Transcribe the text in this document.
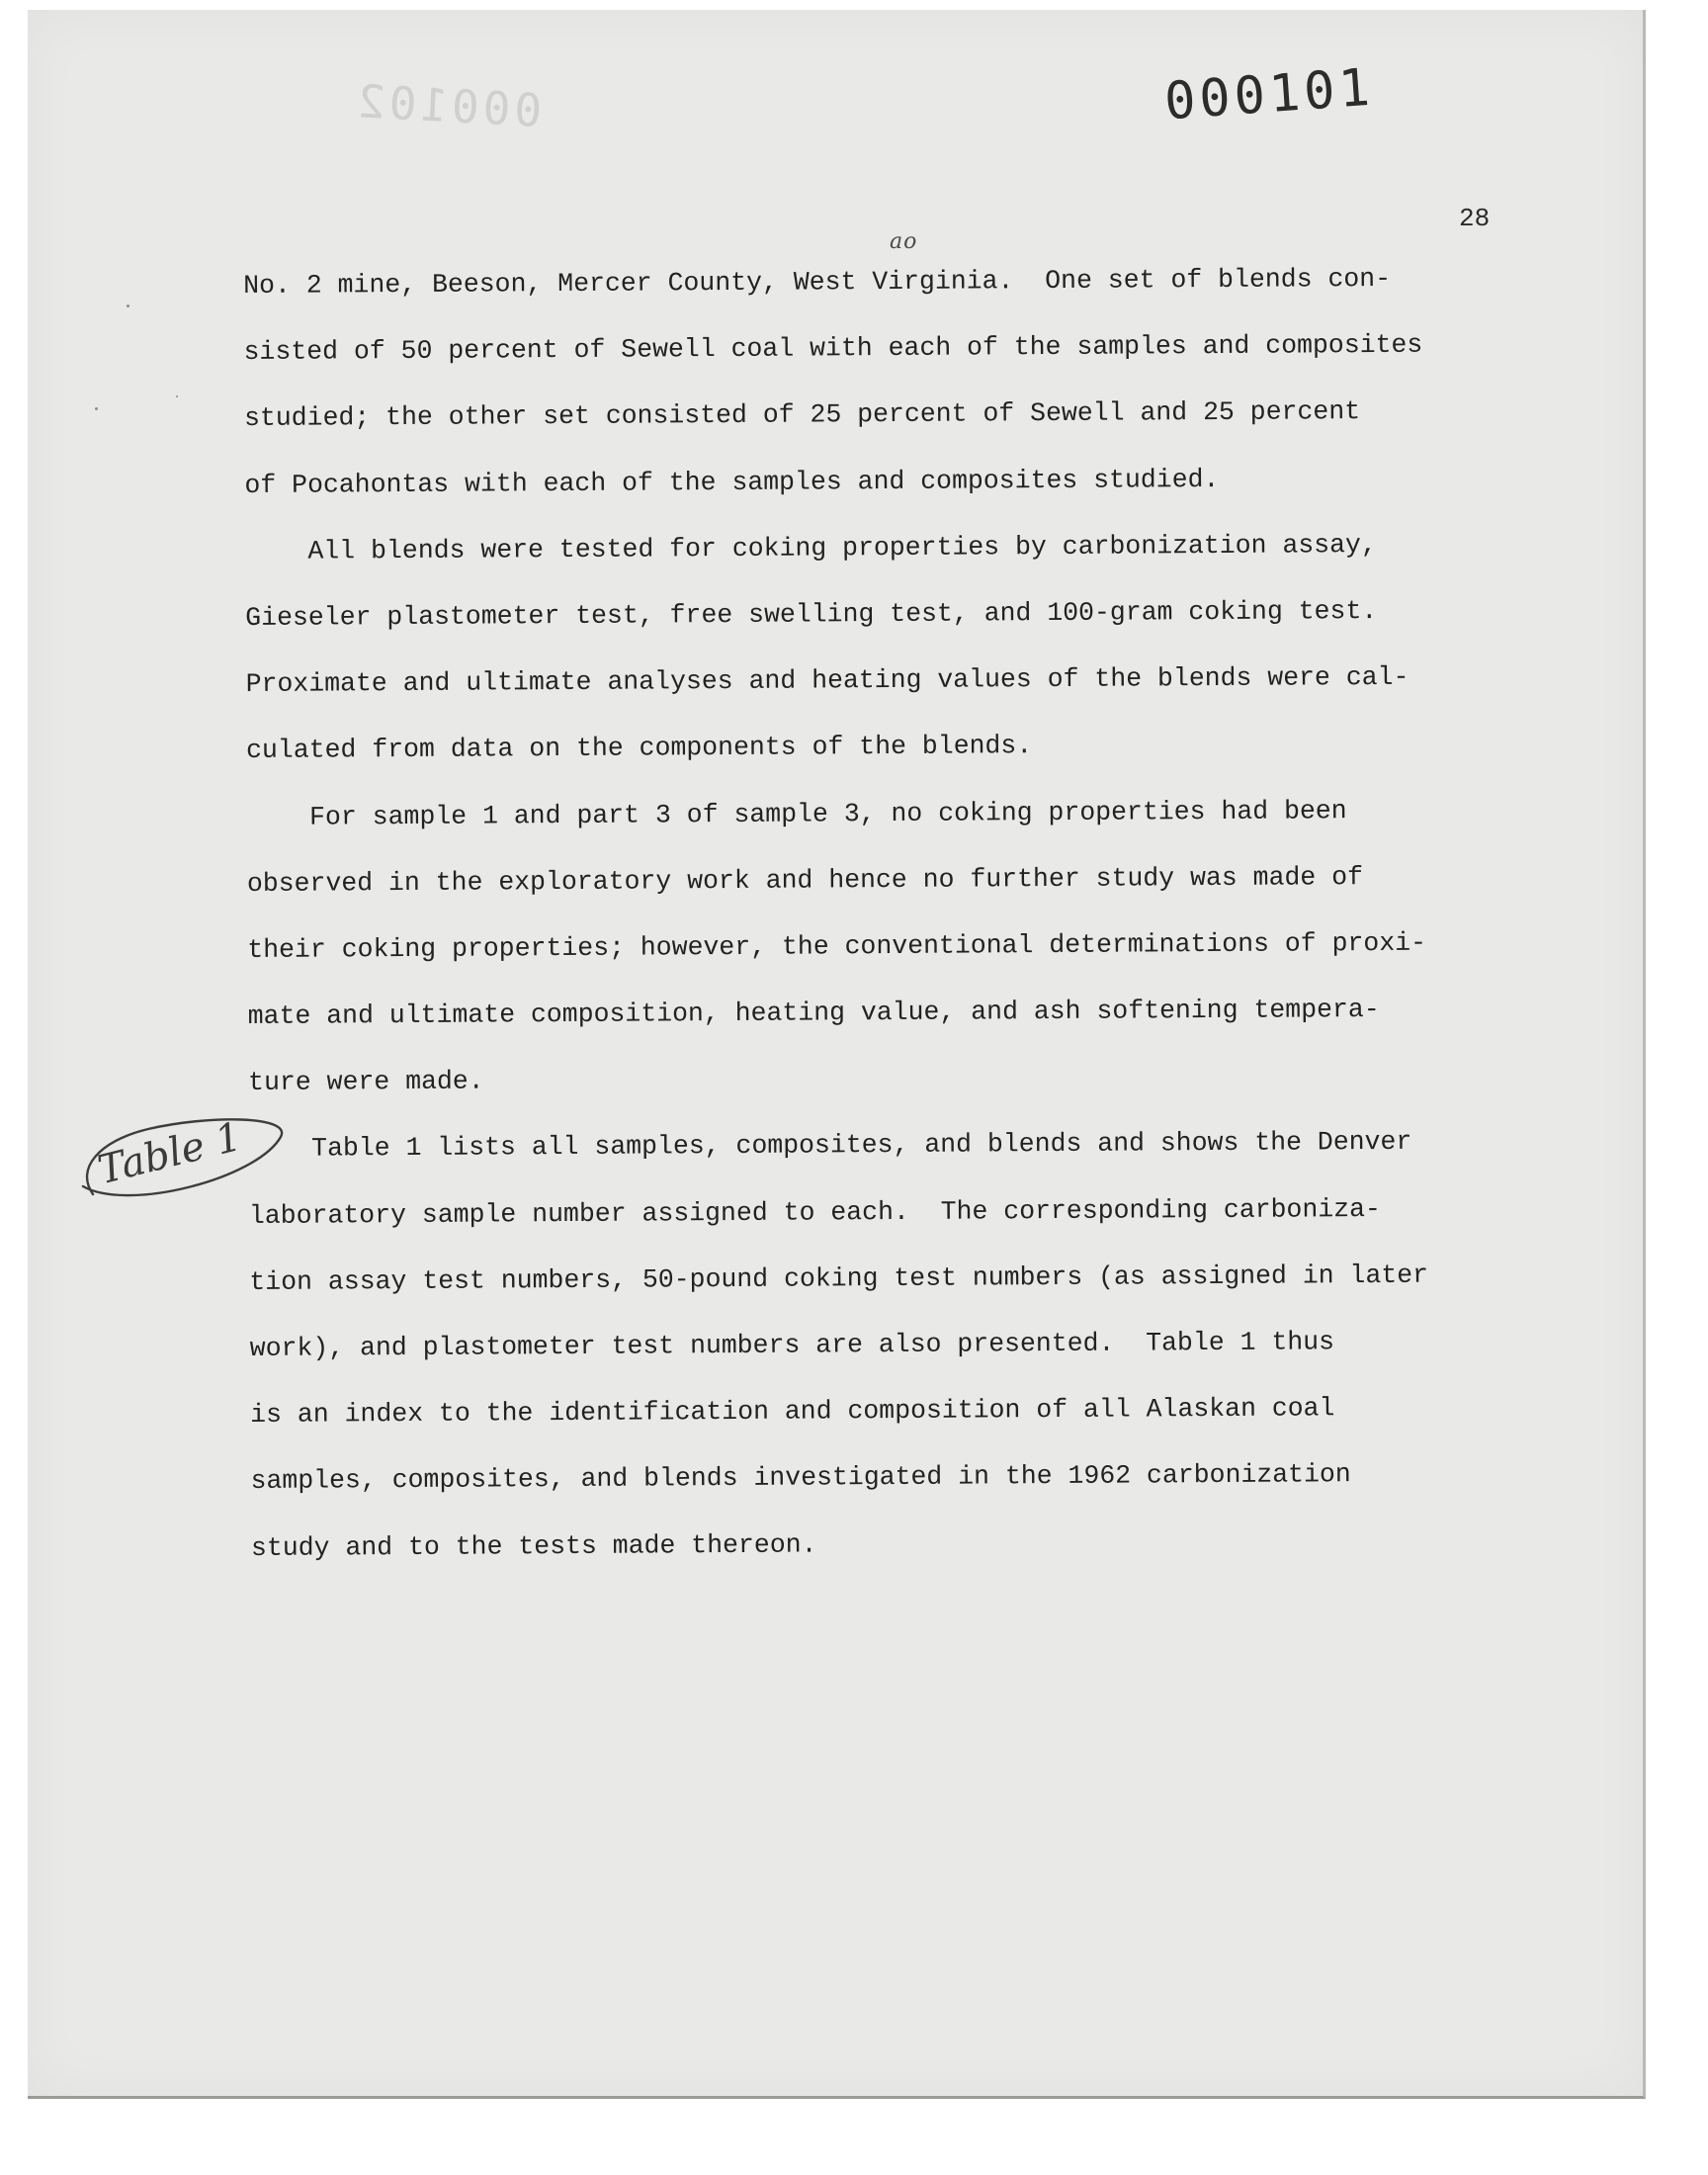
000102	000101
28
ao
No. 2 mine, Beeson, Mercer County, West Virginia.  One set of blends con-
sisted of 50 percent of Sewell coal with each of the samples and composites
studied; the other set consisted of 25 percent of Sewell and 25 percent
of Pocahontas with each of the samples and composites studied.
All blends were tested for coking properties by carbonization assay,
Gieseler plastometer test, free swelling test, and 100-gram coking test.
Proximate and ultimate analyses and heating values of the blends were cal-
culated from data on the components of the blends.
For sample 1 and part 3 of sample 3, no coking properties had been
observed in the exploratory work and hence no further study was made of
their coking properties; however, the conventional determinations of proxi-
mate and ultimate composition, heating value, and ash softening tempera-
ture were made.
Table 1 lists all samples, composites, and blends and shows the Denver
laboratory sample number assigned to each.  The corresponding carboniza-
tion assay test numbers, 50-pound coking test numbers (as assigned in later
work), and plastometer test numbers are also presented.  Table 1 thus
is an index to the identification and composition of all Alaskan coal
samples, composites, and blends investigated in the 1962 carbonization
study and to the tests made thereon.
Table 1
